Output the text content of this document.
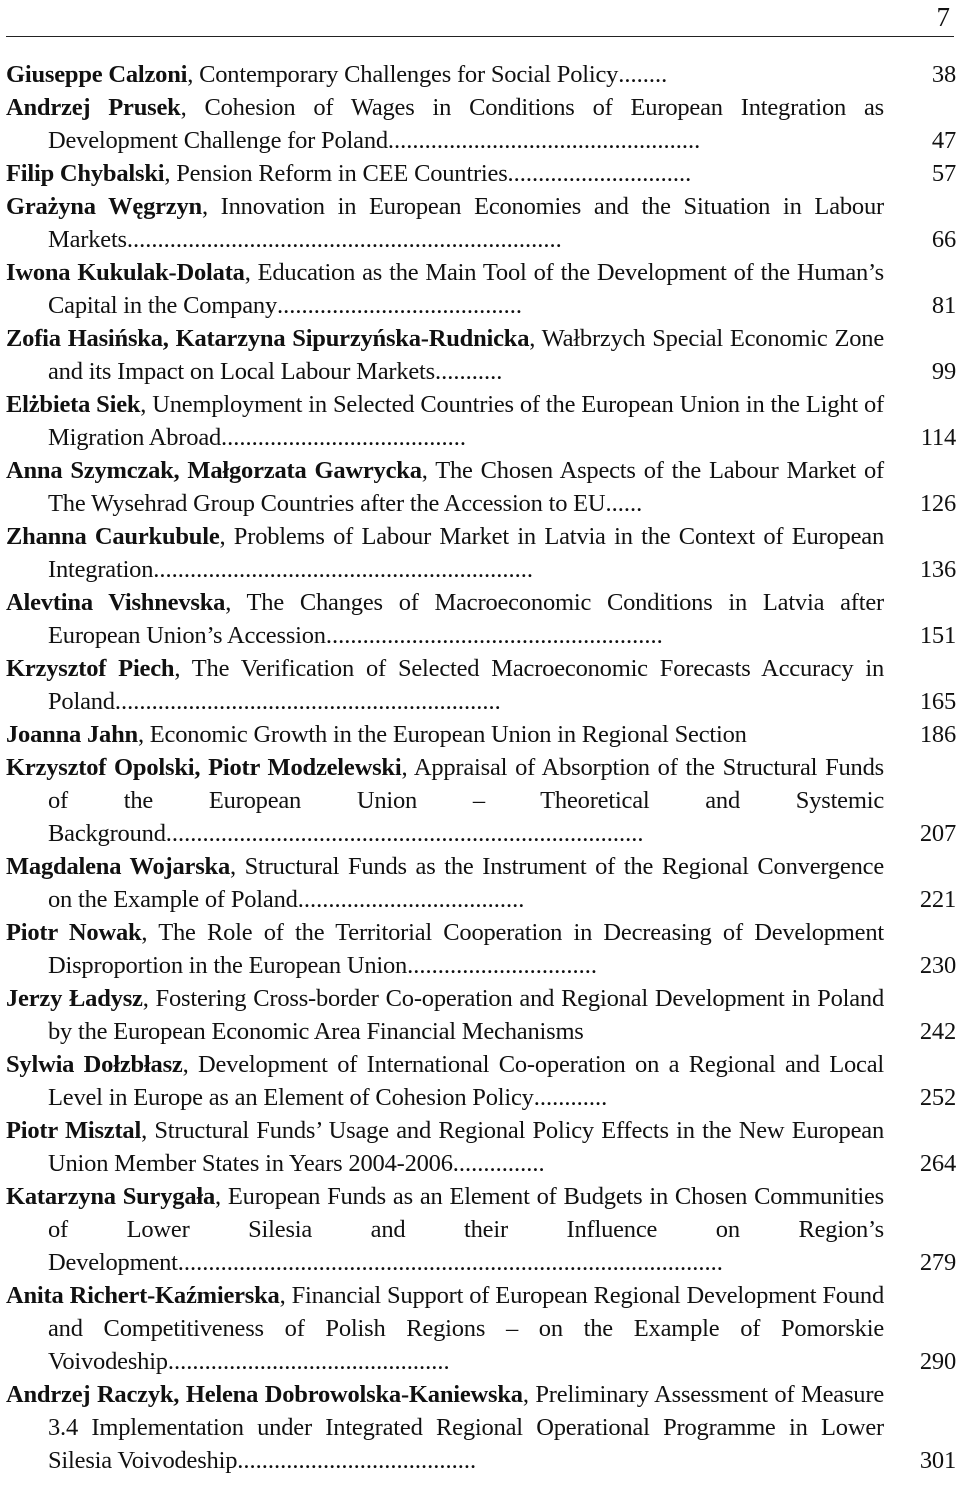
7
Giuseppe Calzoni, Contemporary Challenges for Social Policy........	38
Andrzej Prusek, Cohesion of Wages in Conditions of European Integration as Development Challenge for Poland...................................................	47
Filip Chybalski, Pension Reform in CEE Countries..............................	57
Grażyna Węgrzyn, Innovation in European Economies and the Situation in Labour Markets.......................................................................	66
Iwona Kukulak-Dolata, Education as the Main Tool of the Development of the Human’s Capital in the Company........................................	81
Zofia Hasińska, Katarzyna Sipurzyńska-Rudnicka, Wałbrzych Special Economic Zone and its Impact on Local Labour Markets...........	99
Elżbieta Siek, Unemployment in Selected Countries of the European Union in the Light of Migration Abroad........................................	114
Anna Szymczak, Małgorzata Gawrycka, The Chosen Aspects of the Labour Market of The Wysehrad Group Countries after the Accession to EU......	126
Zhanna Caurkubule, Problems of Labour Market in Latvia in the Context of European Integration..............................................................	136
Alevtina Vishnevska, The Changes of Macroeconomic Conditions in Latvia after European Union’s Accession.......................................................	151
Krzysztof Piech, The Verification of Selected Macroeconomic Forecasts Accuracy in Poland...............................................................	165
Joanna Jahn, Economic Growth in the European Union in Regional Section	186
Krzysztof Opolski, Piotr Modzelewski, Appraisal of Absorption of the Structural Funds of the European Union – Theoretical and Systemic Background..............................................................................	207
Magdalena Wojarska, Structural Funds as the Instrument of the Regional Convergence on the Example of Poland.....................................	221
Piotr Nowak, The Role of the Territorial Cooperation in Decreasing of Development Disproportion in the European Union...............................	230
Jerzy Ładysz, Fostering Cross-border Co-operation and Regional Development in Poland by the European Economic Area Financial Mechanisms	242
Sylwia Dołzbłasz, Development of International Co-operation on a Regional and Local Level in Europe as an Element of Cohesion Policy............	252
Piotr Misztal, Structural Funds’ Usage and Regional Policy Effects in the New European Union Member States in Years 2004-2006...............	264
Katarzyna Surygała, European Funds as an Element of Budgets in Chosen Communities of Lower Silesia and their Influence on Region’s Development.........................................................................................	279
Anita Richert-Kaźmierska, Financial Support of European Regional Development Found and Competitiveness of Polish Regions – on the Example of Pomorskie Voivodeship..............................................	290
Andrzej Raczyk, Helena Dobrowolska-Kaniewska, Preliminary Assessment of Measure 3.4 Implementation under Integrated Regional Operational Programme in Lower Silesia Voivodeship.......................................	301
